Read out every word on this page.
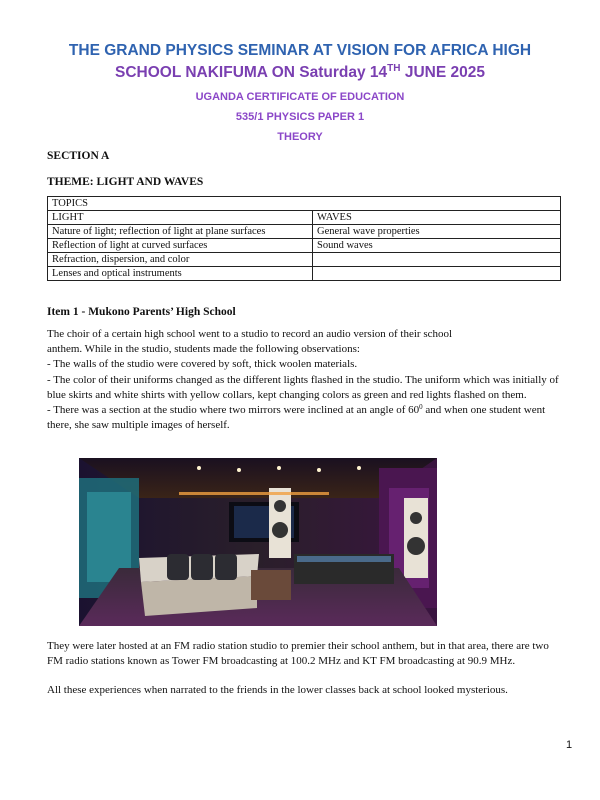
THE GRAND PHYSICS SEMINAR AT VISION FOR AFRICA HIGH
SCHOOL NAKIFUMA ON Saturday 14TH JUNE 2025
UGANDA CERTIFICATE OF EDUCATION
535/1 PHYSICS PAPER 1
THEORY
SECTION A
THEME: LIGHT AND WAVES
TOPICS	
LIGHT	WAVES
Nature of light; reflection of light at plane surfaces	General wave properties
Reflection of light at curved surfaces	Sound waves
Refraction, dispersion, and color	
Lenses and optical instruments	
Item 1 - Mukono Parents’ High School
The choir of a certain high school went to a studio to record an audio version of their school
anthem. While in the studio, students made the following observations:
- The walls of the studio were covered by soft, thick woolen materials.
- The color of their uniforms changed as the different lights flashed in the studio. The uniform which was initially of blue skirts and white shirts with yellow collars, kept changing colors as green and red lights flashed on them.
- There was a section at the studio where two mirrors were inclined at an angle of $60^0$ and when one student went there, she saw multiple images of herself.
They were later hosted at an FM radio station studio to premier their school anthem, but in that area, there are two FM radio stations known as Tower FM broadcasting at 100.2 MHz and KT FM broadcasting at 90.9 MHz.
All these experiences when narrated to the friends in the lower classes back at school looked mysterious.
1
